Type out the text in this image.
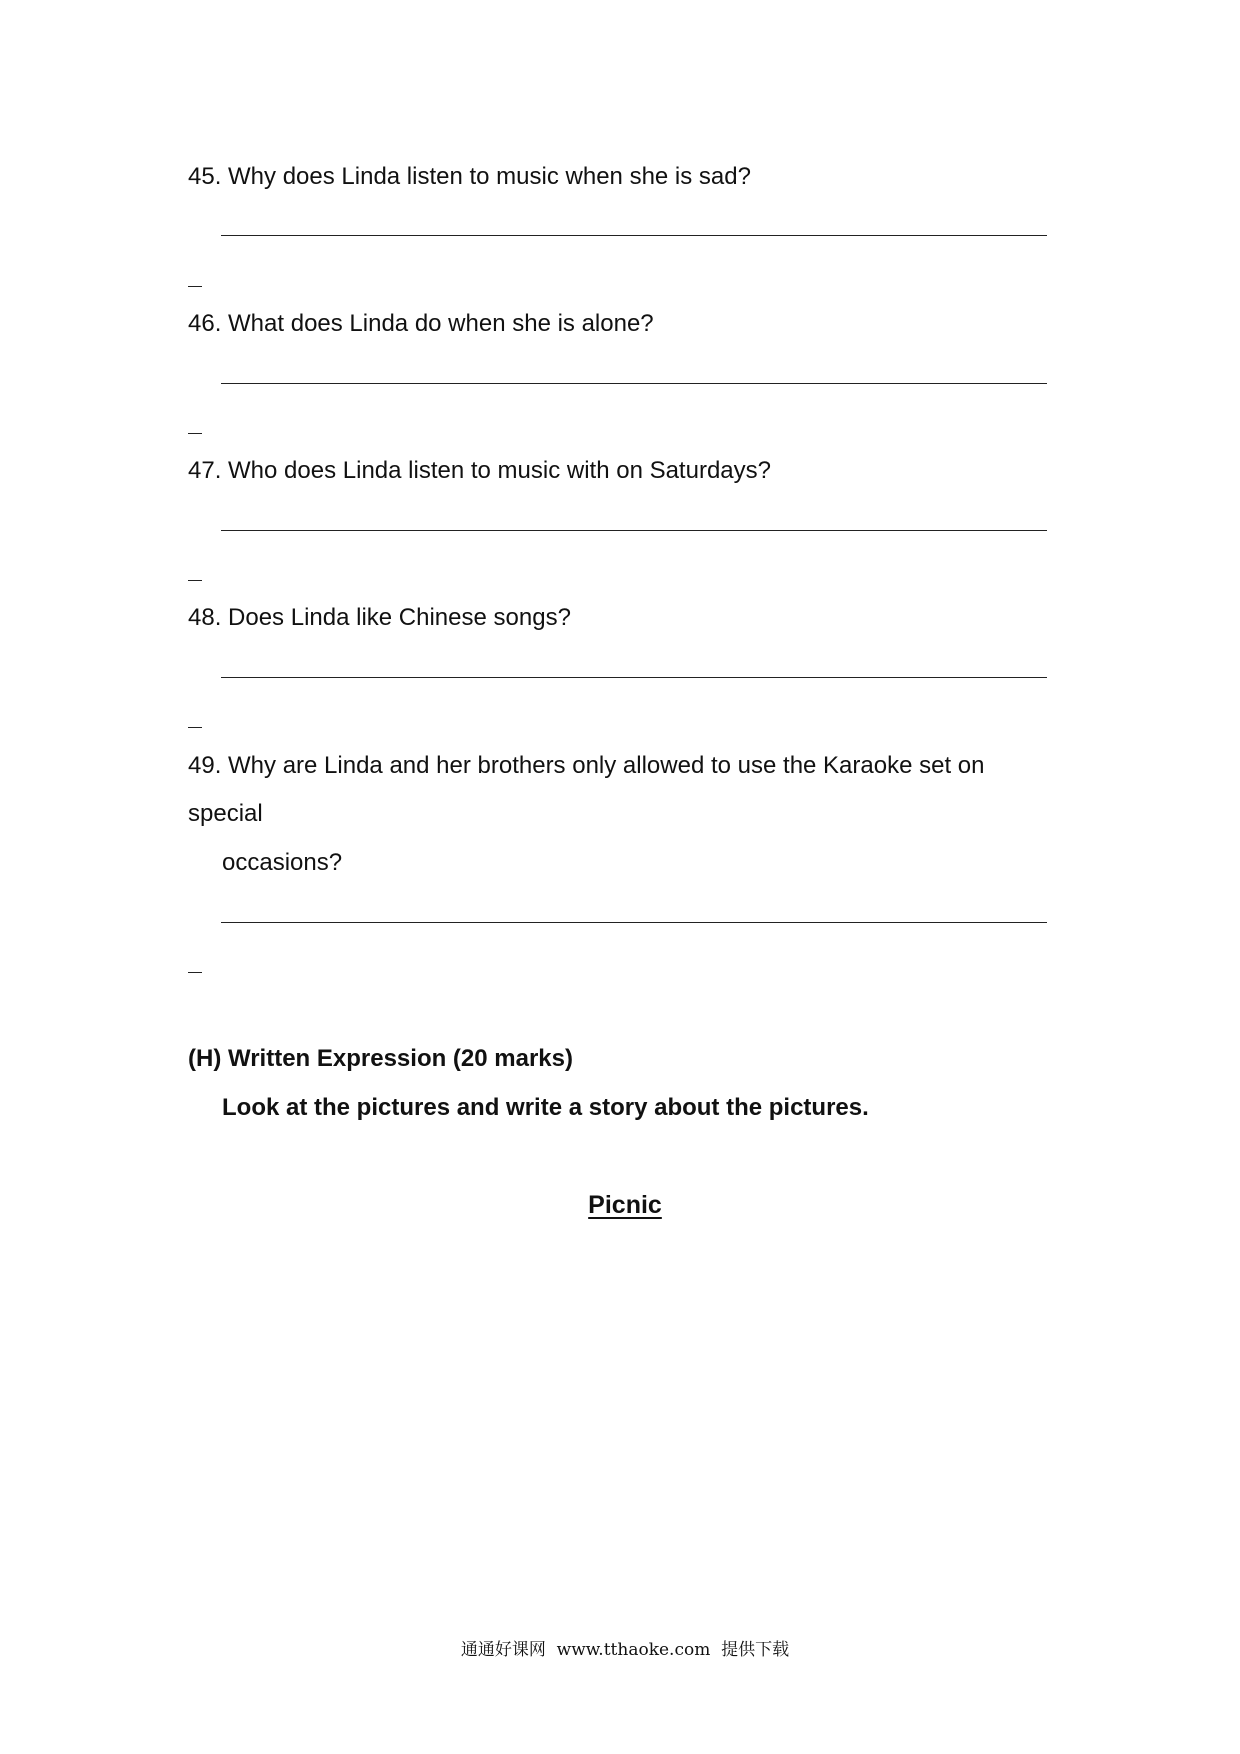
45. Why does Linda listen to music when she is sad?
46. What does Linda do when she is alone?
47. Who does Linda listen to music with on Saturdays?
48. Does Linda like Chinese songs?
49. Why are Linda and her brothers only allowed to use the Karaoke set on
special
occasions?
(H) Written Expression (20 marks)
Look at the pictures and write a story about the pictures.
Picnic
通通好课网  www.tthaoke.com  提供下载
